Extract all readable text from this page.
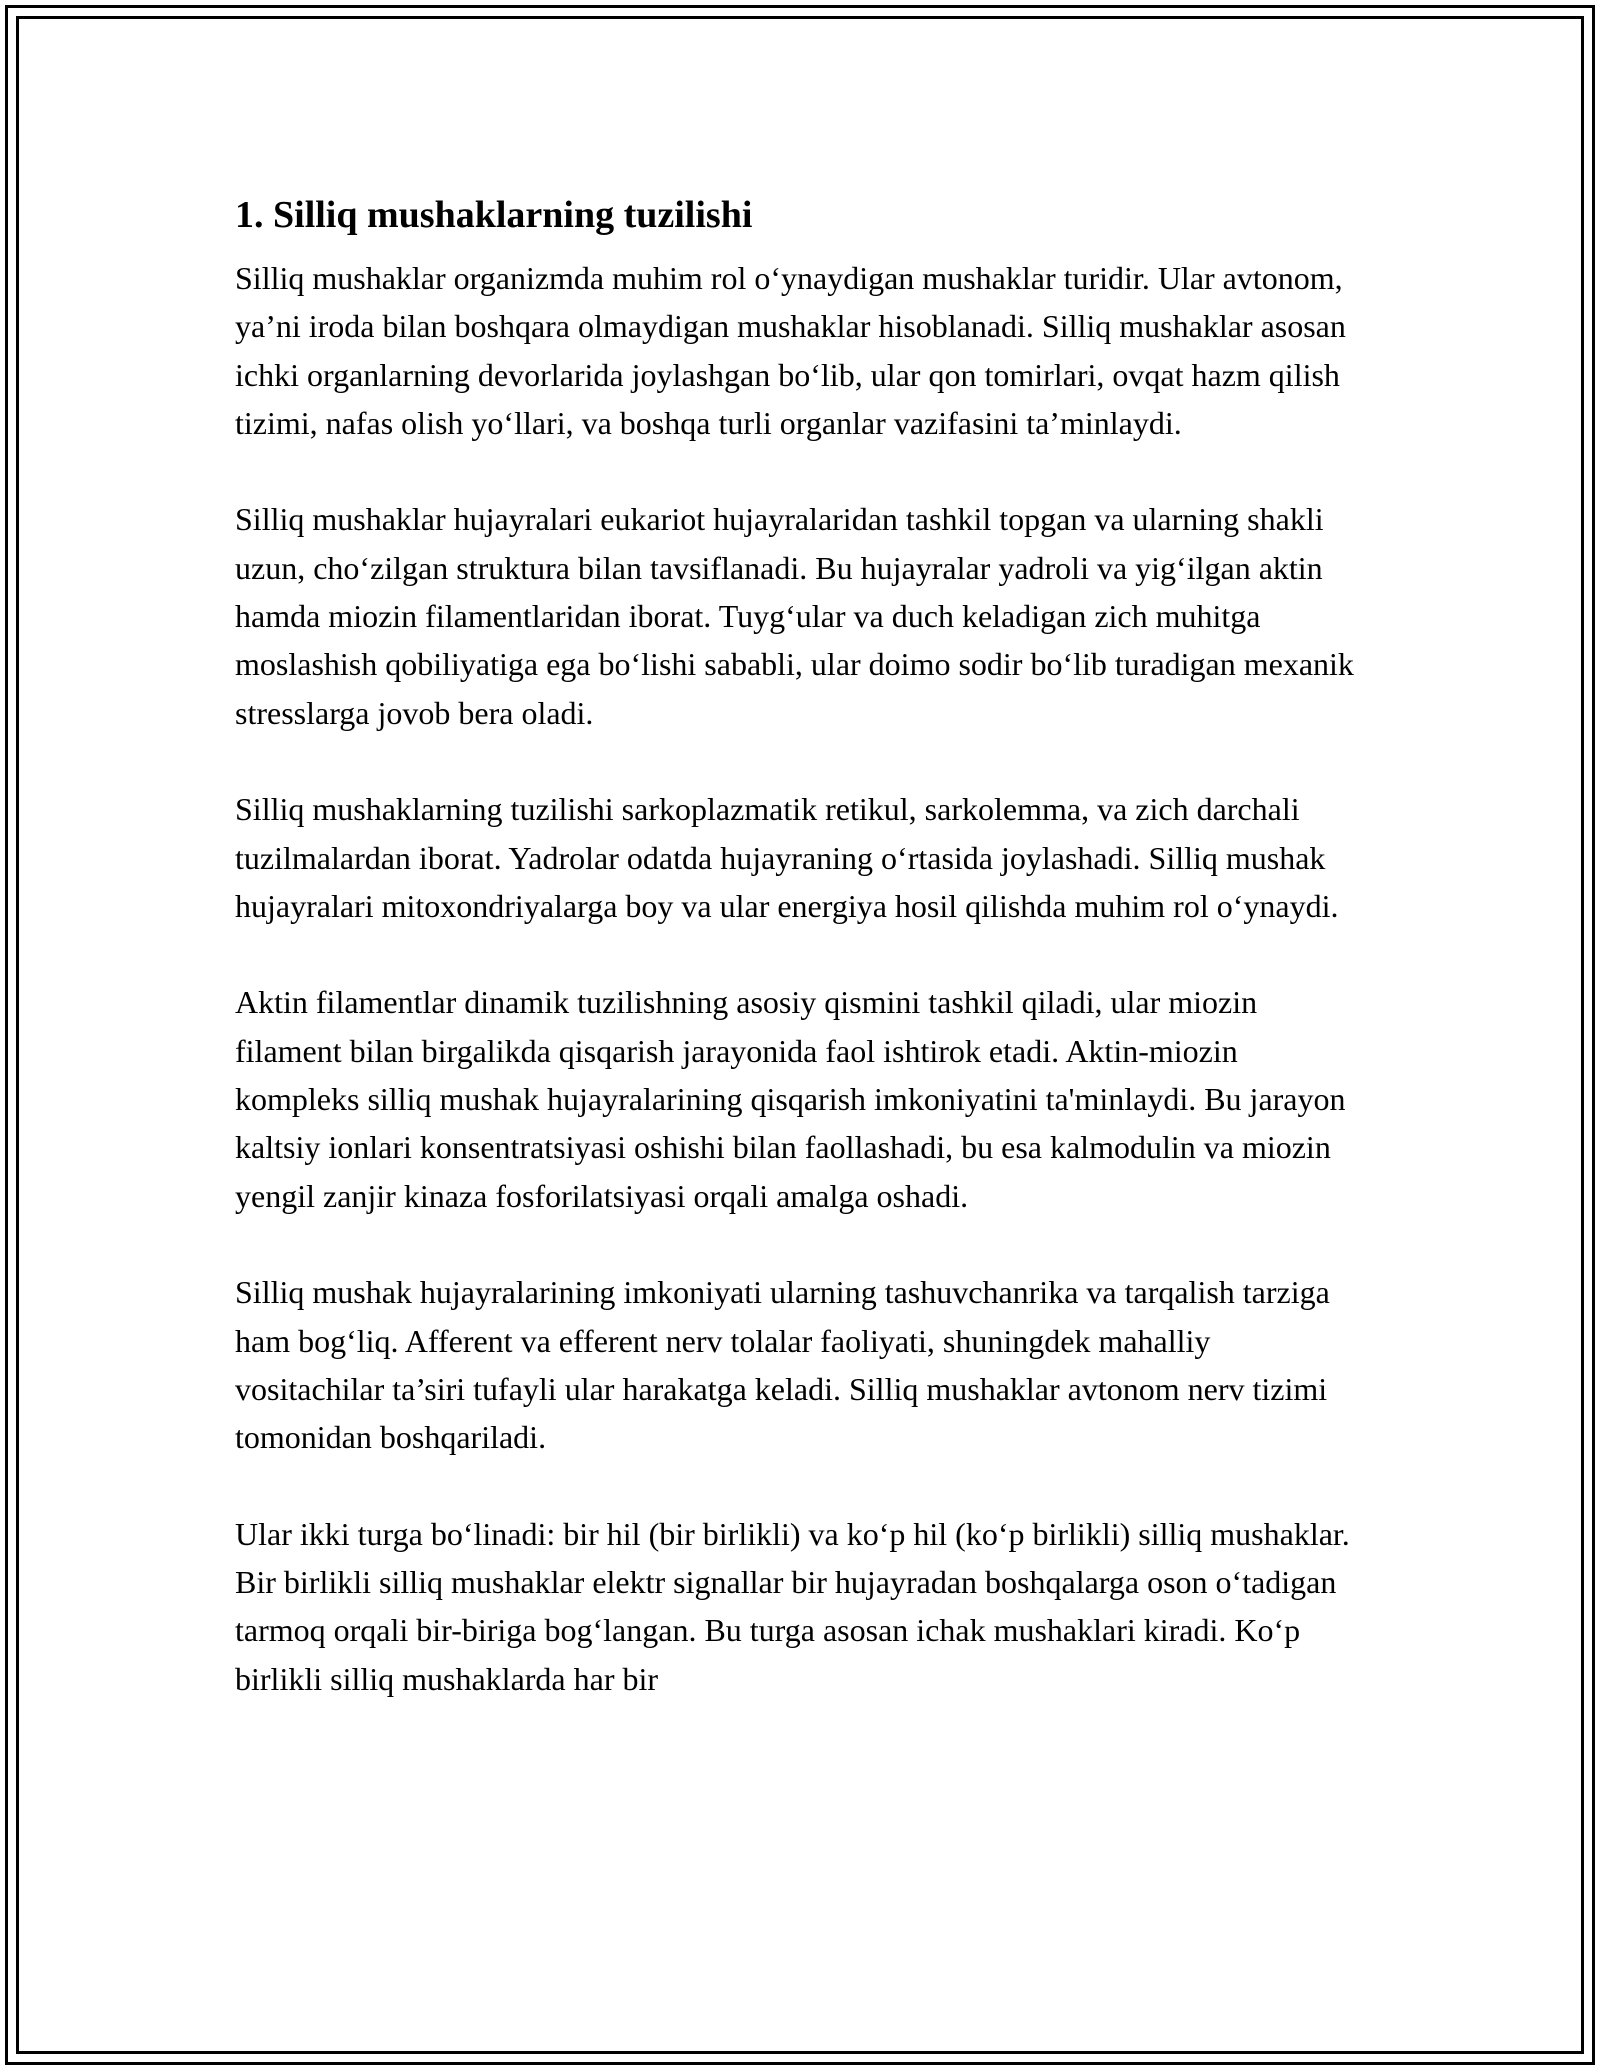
1. Silliq mushaklarning tuzilishi

Silliq mushaklar organizmda muhim rol o‘ynaydigan mushaklar turidir. Ular avtonom, ya’ni iroda bilan boshqara olmaydigan mushaklar hisoblanadi. Silliq mushaklar asosan ichki organlarning devorlarida joylashgan bo‘lib, ular qon tomirlari, ovqat hazm qilish tizimi, nafas olish yo‘llari, va boshqa turli organlar vazifasini ta’minlaydi.

Silliq mushaklar hujayralari eukariot hujayralaridan tashkil topgan va ularning shakli uzun, cho‘zilgan struktura bilan tavsiflanadi. Bu hujayralar yadroli va yig‘ilgan aktin hamda miozin filamentlaridan iborat. Tuyg‘ular va duch keladigan zich muhitga moslashish qobiliyatiga ega bo‘lishi sababli, ular doimo sodir bo‘lib turadigan mexanik stresslarga jovob bera oladi.

Silliq mushaklarning tuzilishi sarkoplazmatik retikul, sarkolemma, va zich darchali tuzilmalardan iborat. Yadrolar odatda hujayraning o‘rtasida joylashadi. Silliq mushak hujayralari mitoxondriyalarga boy va ular energiya hosil qilishda muhim rol o‘ynaydi.

Aktin filamentlar dinamik tuzilishning asosiy qismini tashkil qiladi, ular miozin filament bilan birgalikda qisqarish jarayonida faol ishtirok etadi. Aktin-miozin kompleks silliq mushak hujayralarining qisqarish imkoniyatini ta'minlaydi. Bu jarayon kaltsiy ionlari konsentratsiyasi oshishi bilan faollashadi, bu esa kalmodulin va miozin yengil zanjir kinaza fosforilatsiyasi orqali amalga oshadi.

Silliq mushak hujayralarining imkoniyati ularning tashuvchanrika va tarqalish tarziga ham bog‘liq. Afferent va efferent nerv tolalar faoliyati, shuningdek mahalliy vositachilar ta’siri tufayli ular harakatga keladi. Silliq mushaklar avtonom nerv tizimi tomonidan boshqariladi.

Ular ikki turga bo‘linadi: bir hil (bir birlikli) va ko‘p hil (ko‘p birlikli) silliq mushaklar. Bir birlikli silliq mushaklar elektr signallar bir hujayradan boshqalarga oson o‘tadigan tarmoq orqali bir-biriga bog‘langan. Bu turga asosan ichak mushaklari kiradi. Ko‘p birlikli silliq mushaklarda har bir
